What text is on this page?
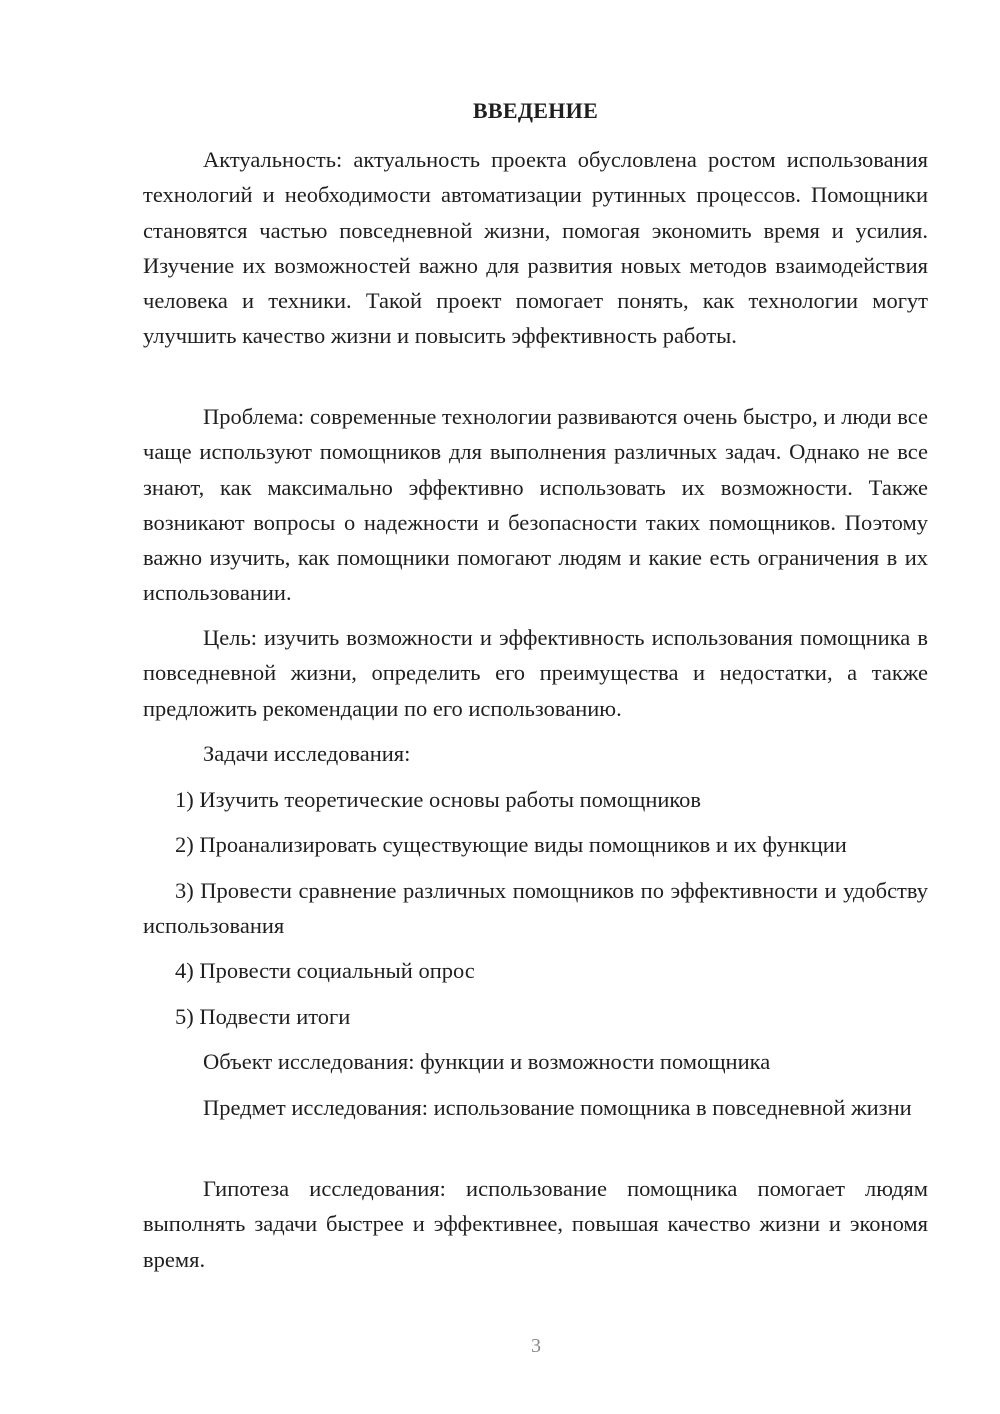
ВВЕДЕНИЕ

Актуальность: актуальность проекта обусловлена ростом использования технологий и необходимости автоматизации рутинных процессов. Помощники становятся частью повседневной жизни, помогая экономить время и усилия. Изучение их возможностей важно для развития новых методов взаимодействия человека и техники. Такой проект помогает понять, как технологии могут улучшить качество жизни и повысить эффективность работы.

Проблема: современные технологии развиваются очень быстро, и люди все чаще используют помощников для выполнения различных задач. Однако не все знают, как максимально эффективно использовать их возможности. Также возникают вопросы о надежности и безопасности таких помощников. Поэтому важно изучить, как помощники помогают людям и какие есть ограничения в их использовании.

Цель: изучить возможности и эффективность использования помощника в повседневной жизни, определить его преимущества и недостатки, а также предложить рекомендации по его использованию.

Задачи исследования:

1) Изучить теоретические основы работы помощников

2) Проанализировать существующие виды помощников и их функции

3) Провести сравнение различных помощников по эффективности и удобству использования

4) Провести социальный опрос

5) Подвести итоги

Объект исследования: функции и возможности помощника

Предмет исследования: использование помощника в повседневной жизни

Гипотеза исследования: использование помощника помогает людям выполнять задачи быстрее и эффективнее, повышая качество жизни и экономя время.

3
